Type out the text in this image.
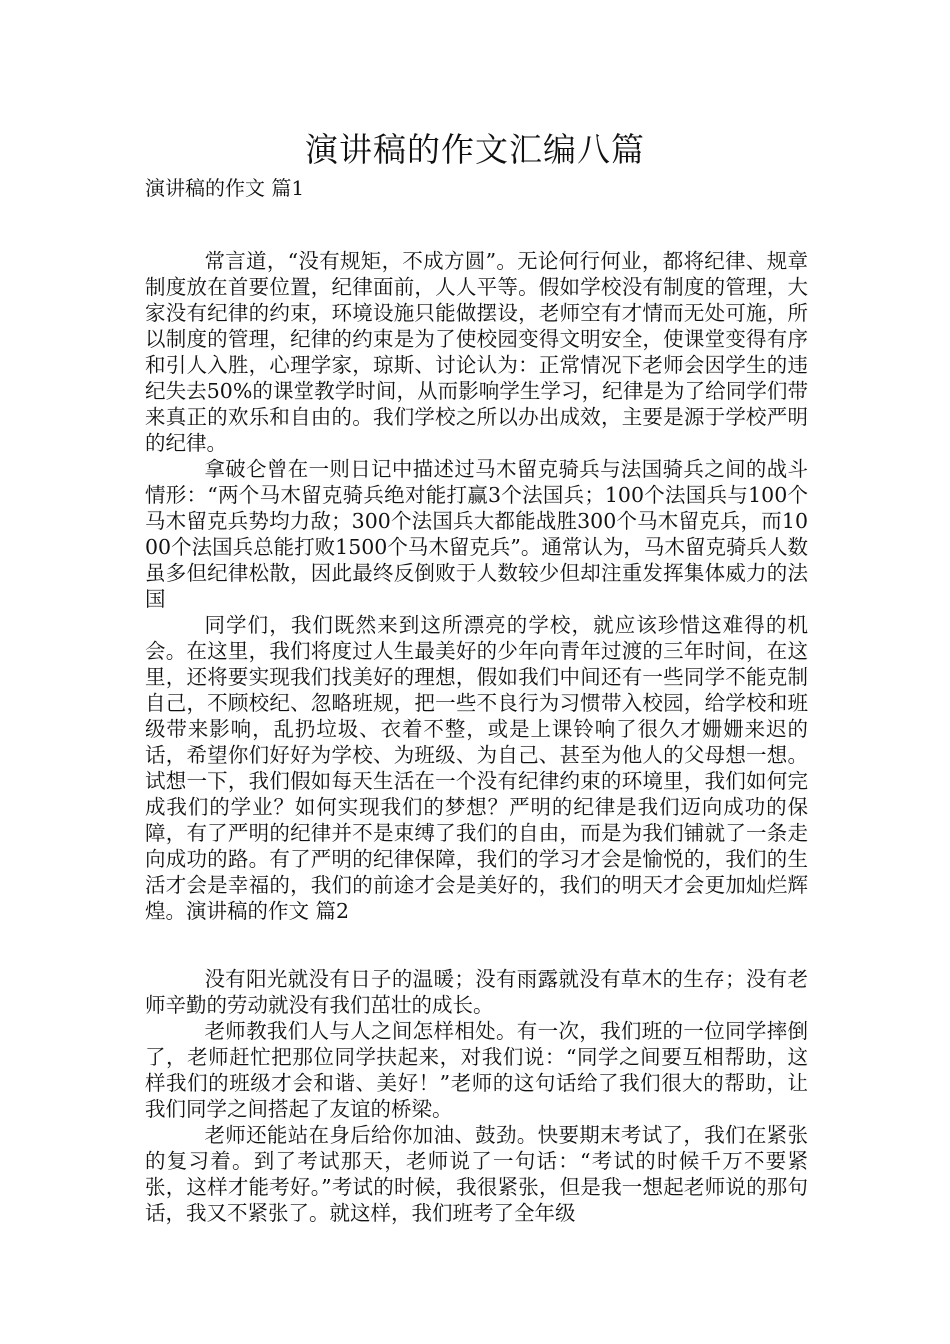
演讲稿的作文汇编八篇
演讲稿的作文 篇1

常言道，“没有规矩，不成方圆”。无论何行何业，都将纪律、规章制度放在首要位置，纪律面前，人人平等。假如学校没有制度的管理，大家没有纪律的约束，环境设施只能做摆设，老师空有才情而无处可施，所以制度的管理，纪律的约束是为了使校园变得文明安全，使课堂变得有序和引人入胜，心理学家，琼斯、讨论认为：正常情况下老师会因学生的违纪失去50%的课堂教学时间，从而影响学生学习，纪律是为了给同学们带来真正的欢乐和自由的。我们学校之所以办出成效，主要是源于学校严明的纪律。

拿破仑曾在一则日记中描述过马木留克骑兵与法国骑兵之间的战斗情形：“两个马木留克骑兵绝对能打赢3个法国兵；100个法国兵与100个马木留克兵势均力敌；300个法国兵大都能战胜300个马木留克兵，而1000个法国兵总能打败1500个马木留克兵”。通常认为，马木留克骑兵人数虽多但纪律松散，因此最终反倒败于人数较少但却注重发挥集体威力的法国

同学们，我们既然来到这所漂亮的学校，就应该珍惜这难得的机会。在这里，我们将度过人生最美好的少年向青年过渡的三年时间，在这里，还将要实现我们找美好的理想，假如我们中间还有一些同学不能克制自己，不顾校纪、忽略班规，把一些不良行为习惯带入校园，给学校和班级带来影响，乱扔垃圾、衣着不整，或是上课铃响了很久才姗姗来迟的话，希望你们好好为学校、为班级、为自己、甚至为他人的父母想一想。试想一下，我们假如每天生活在一个没有纪律约束的环境里，我们如何完成我们的学业？如何实现我们的梦想？严明的纪律是我们迈向成功的保障，有了严明的纪律并不是束缚了我们的自由，而是为我们铺就了一条走向成功的路。有了严明的纪律保障，我们的学习才会是愉悦的，我们的生活才会是幸福的，我们的前途才会是美好的，我们的明天才会更加灿烂辉煌。演讲稿的作文 篇2

没有阳光就没有日子的温暖；没有雨露就没有草木的生存；没有老师辛勤的劳动就没有我们茁壮的成长。

老师教我们人与人之间怎样相处。有一次，我们班的一位同学摔倒了，老师赶忙把那位同学扶起来，对我们说：“同学之间要互相帮助，这样我们的班级才会和谐、美好！”老师的这句话给了我们很大的帮助，让我们同学之间搭起了友谊的桥梁。

老师还能站在身后给你加油、鼓劲。快要期末考试了，我们在紧张的复习着。到了考试那天，老师说了一句话：“考试的时候千万不要紧张，这样才能考好。”考试的时候，我很紧张，但是我一想起老师说的那句话，我又不紧张了。就这样，我们班考了全年级
